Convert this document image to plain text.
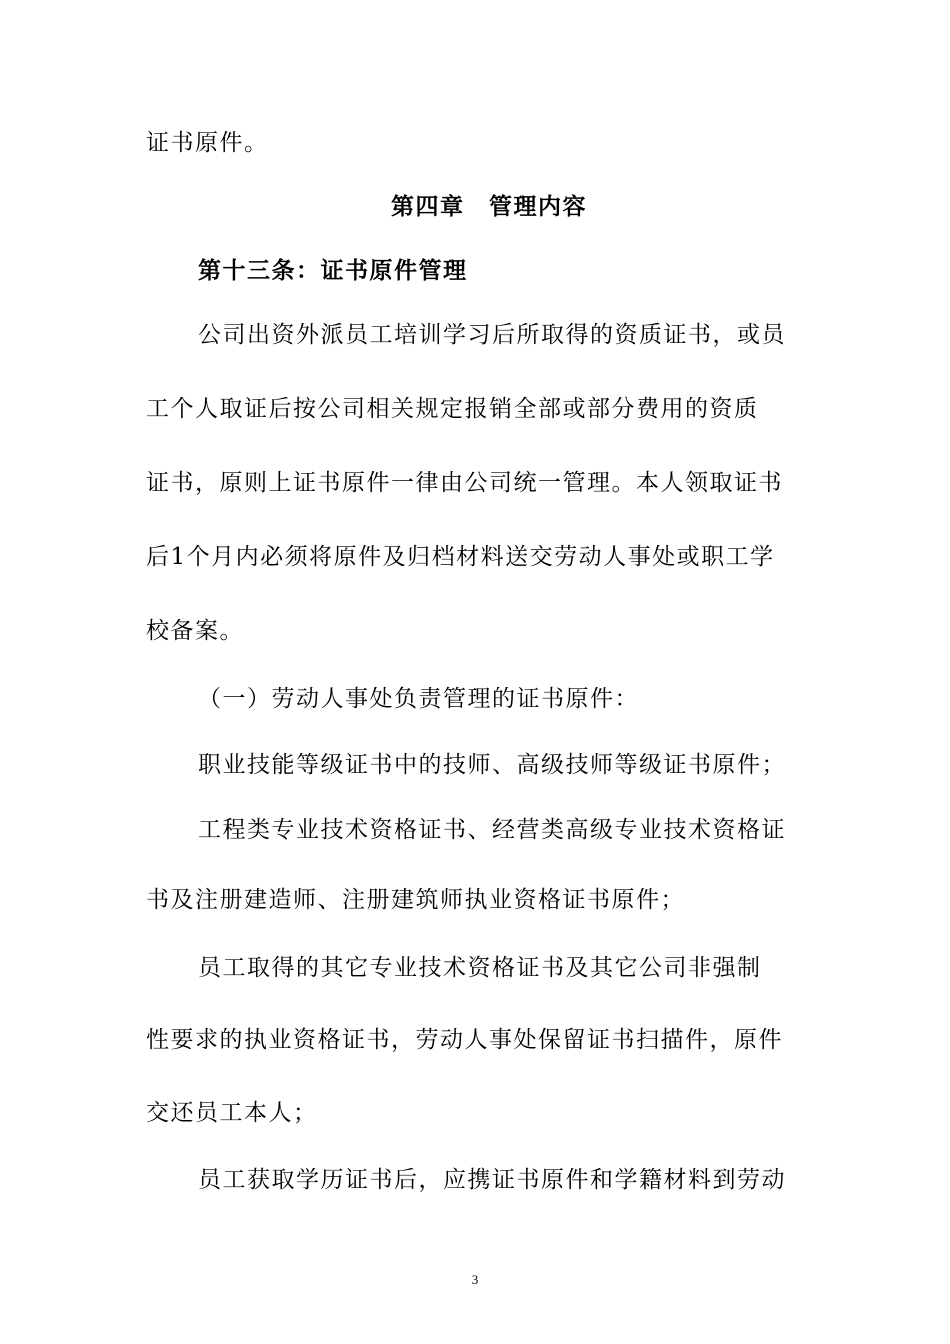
证书原件。
第四章　管理内容
第十三条：证书原件管理
公司出资外派员工培训学习后所取得的资质证书，或员
工个人取证后按公司相关规定报销全部或部分费用的资质
证书，原则上证书原件一律由公司统一管理。本人领取证书
后1个月内必须将原件及归档材料送交劳动人事处或职工学
校备案。
（一）劳动人事处负责管理的证书原件：
职业技能等级证书中的技师、高级技师等级证书原件；
工程类专业技术资格证书、经营类高级专业技术资格证
书及注册建造师、注册建筑师执业资格证书原件；
员工取得的其它专业技术资格证书及其它公司非强制
性要求的执业资格证书，劳动人事处保留证书扫描件，原件
交还员工本人；
员工获取学历证书后，应携证书原件和学籍材料到劳动
3
